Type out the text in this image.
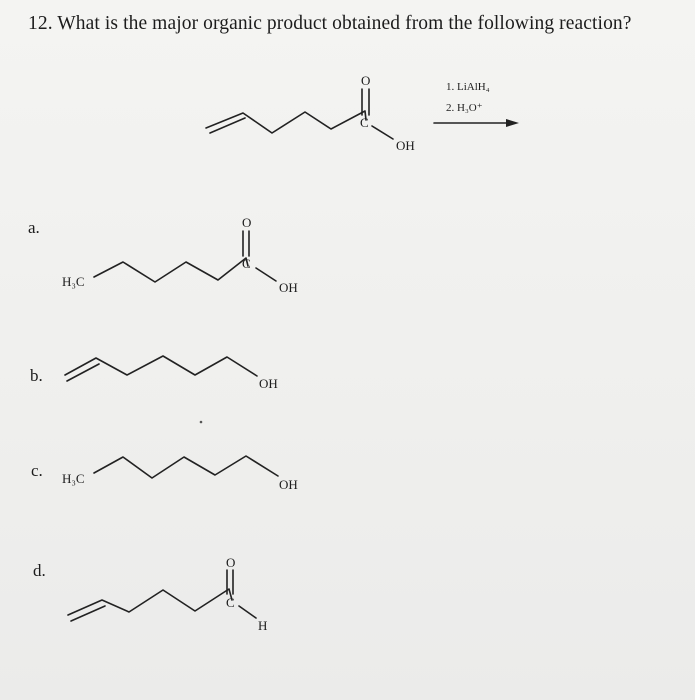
12. What is the major organic product obtained from the following reaction?
a.
b.
c.
d.
O
C
OH
1. LiAlH₄
2. H₃O⁺
H₃C
O
C
OH
OH
H₃C	OH
O
C
H
